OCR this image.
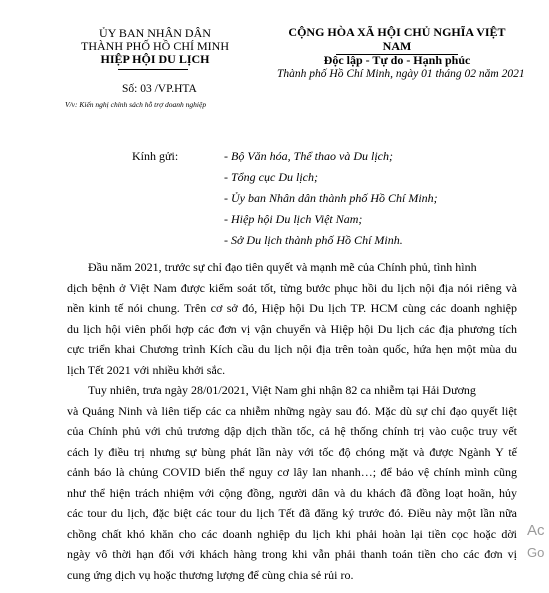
ỦY BAN NHÂN DÂN
THÀNH PHỐ HỒ CHÍ MINH
HIỆP HỘI DU LỊCH
Số: 03 /VP.HTA
V/v: Kiến nghị chính sách hỗ trợ doanh nghiệp
CỘNG HÒA XÃ HỘI CHỦ NGHĨA VIỆT NAM
Độc lập - Tự do - Hạnh phúc
Thành phố Hồ Chí Minh, ngày 01 tháng 02 năm 2021
Kính gửi:	- Bộ Văn hóa, Thể thao và Du lịch;
- Tổng cục Du lịch;
- Ủy ban Nhân dân thành phố Hồ Chí Minh;
- Hiệp hội Du lịch Việt Nam;
- Sở Du lịch thành phố Hồ Chí Minh.
Đầu năm 2021, trước sự chỉ đạo tiên quyết và mạnh mẽ của Chính phủ, tình hình
dịch bệnh ở Việt Nam được kiểm soát tốt, từng bước phục hồi du lịch nội địa nói riêng và
nền kinh tế nói chung. Trên cơ sở đó, Hiệp hội Du lịch TP. HCM cùng các doanh nghiệp
du lịch hội viên phối hợp các đơn vị vận chuyển và Hiệp hội Du lịch các địa phương tích
cực triển khai Chương trình Kích cầu du lịch nội địa trên toàn quốc, hứa hẹn một mùa du
lịch Tết 2021 với nhiều khởi sắc.
Tuy nhiên, trưa ngày 28/01/2021, Việt Nam ghi nhận 82 ca nhiễm tại Hải Dương
và Quảng Ninh và liên tiếp các ca nhiễm những ngày sau đó. Mặc dù sự chỉ đạo quyết liệt
của Chính phủ với chủ trương dập dịch thần tốc, cả hệ thống chính trị vào cuộc truy vết
cách ly điều trị nhưng sự bùng phát lần này với tốc độ chóng mặt và được Ngành Y tế
cảnh báo là chủng COVID biến thể nguy cơ lây lan nhanh…; để bảo vệ chính mình cũng
như thể hiện trách nhiệm với cộng đồng, người dân và du khách đã đồng loạt hoãn, hủy
các tour du lịch, đặc biệt các tour du lịch Tết đã đăng ký trước đó. Điều này một lần nữa
chồng chất khó khăn cho các doanh nghiệp du lịch khi phải hoàn lại tiền cọc hoặc dời
ngày vô thời hạn đối với khách hàng trong khi vẫn phải thanh toán tiền cho các đơn vị
cung ứng dịch vụ hoặc thương lượng để cùng chia sẻ rủi ro.
Ac
Go
